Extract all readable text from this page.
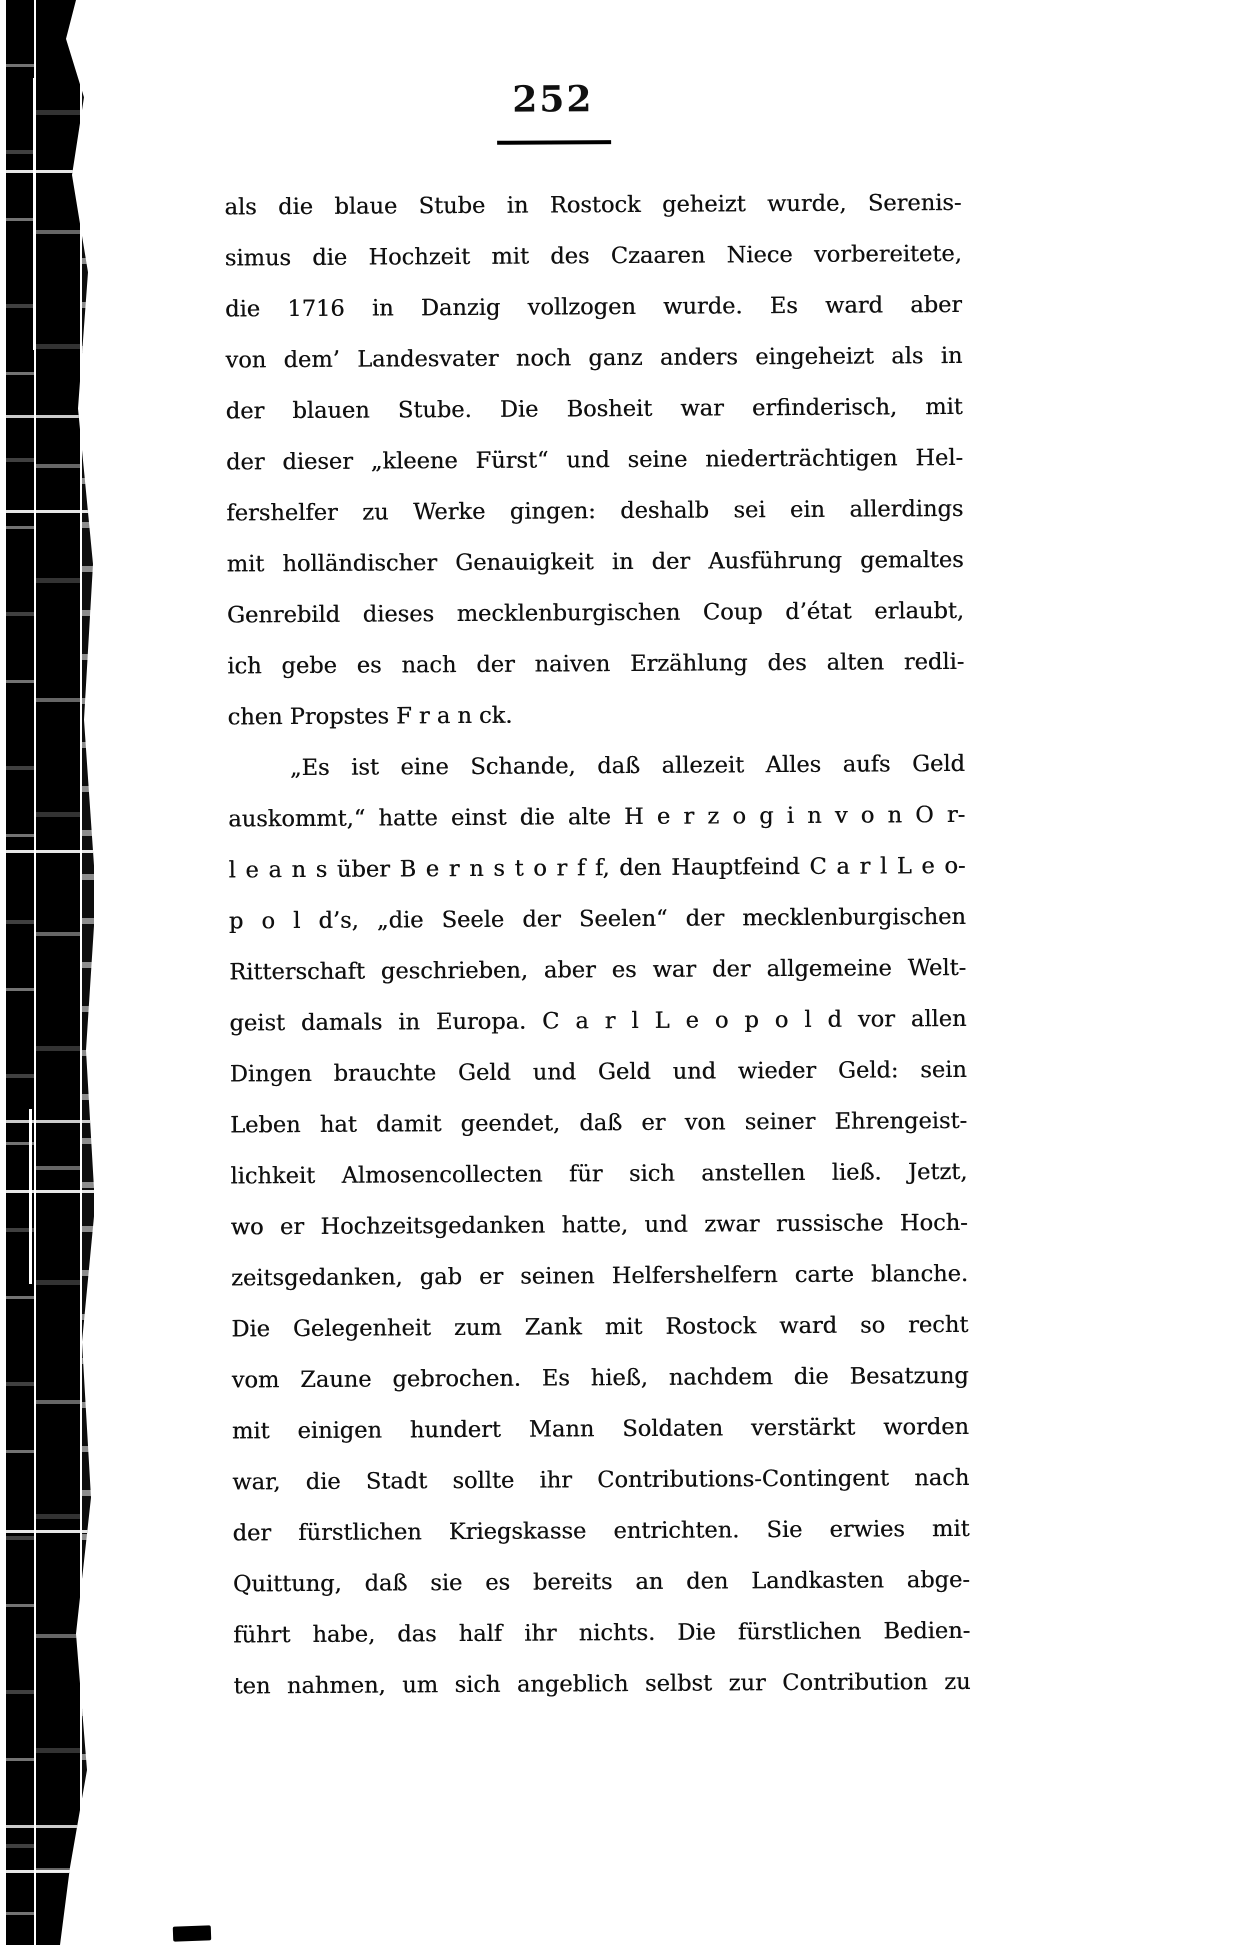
252
als die blaue Stube in Rostock geheizt wurde, Serenis-
simus die Hochzeit mit des Czaaren Niece vorbereitete,
die 1716 in Danzig vollzogen wurde. Es ward aber
von dem’ Landesvater noch ganz anders eingeheizt als in
der blauen Stube. Die Bosheit war erfinderisch, mit
der dieser „kleene Fürst“ und seine niederträchtigen Hel-
fershelfer zu Werke gingen: deshalb sei ein allerdings
mit holländischer Genauigkeit in der Ausführung gemaltes
Genrebild dieses mecklenburgischen Coup d’état erlaubt,
ich gebe es nach der naiven Erzählung des alten redli-
chen Propstes F r a n ck.
„Es ist eine Schande, daß allezeit Alles aufs Geld
auskommt,“ hatte einst die alte H e r z o g i n v o n O r-
l e a n s über B e r n s t o r f f, den Hauptfeind C a r l L e o-
p o l d’s, „die Seele der Seelen“ der mecklenburgischen
Ritterschaft geschrieben, aber es war der allgemeine Welt-
geist damals in Europa. C a r l L e o p o l d vor allen
Dingen brauchte Geld und Geld und wieder Geld: sein
Leben hat damit geendet, daß er von seiner Ehrengeist-
lichkeit Almosencollecten für sich anstellen ließ. Jetzt,
wo er Hochzeitsgedanken hatte, und zwar russische Hoch-
zeitsgedanken, gab er seinen Helfershelfern carte blanche.
Die Gelegenheit zum Zank mit Rostock ward so recht
vom Zaune gebrochen. Es hieß, nachdem die Besatzung
mit einigen hundert Mann Soldaten verstärkt worden
war, die Stadt sollte ihr Contributions-Contingent nach
der fürstlichen Kriegskasse entrichten. Sie erwies mit
Quittung, daß sie es bereits an den Landkasten abge-
führt habe, das half ihr nichts. Die fürstlichen Bedien-
ten nahmen, um sich angeblich selbst zur Contribution zu
